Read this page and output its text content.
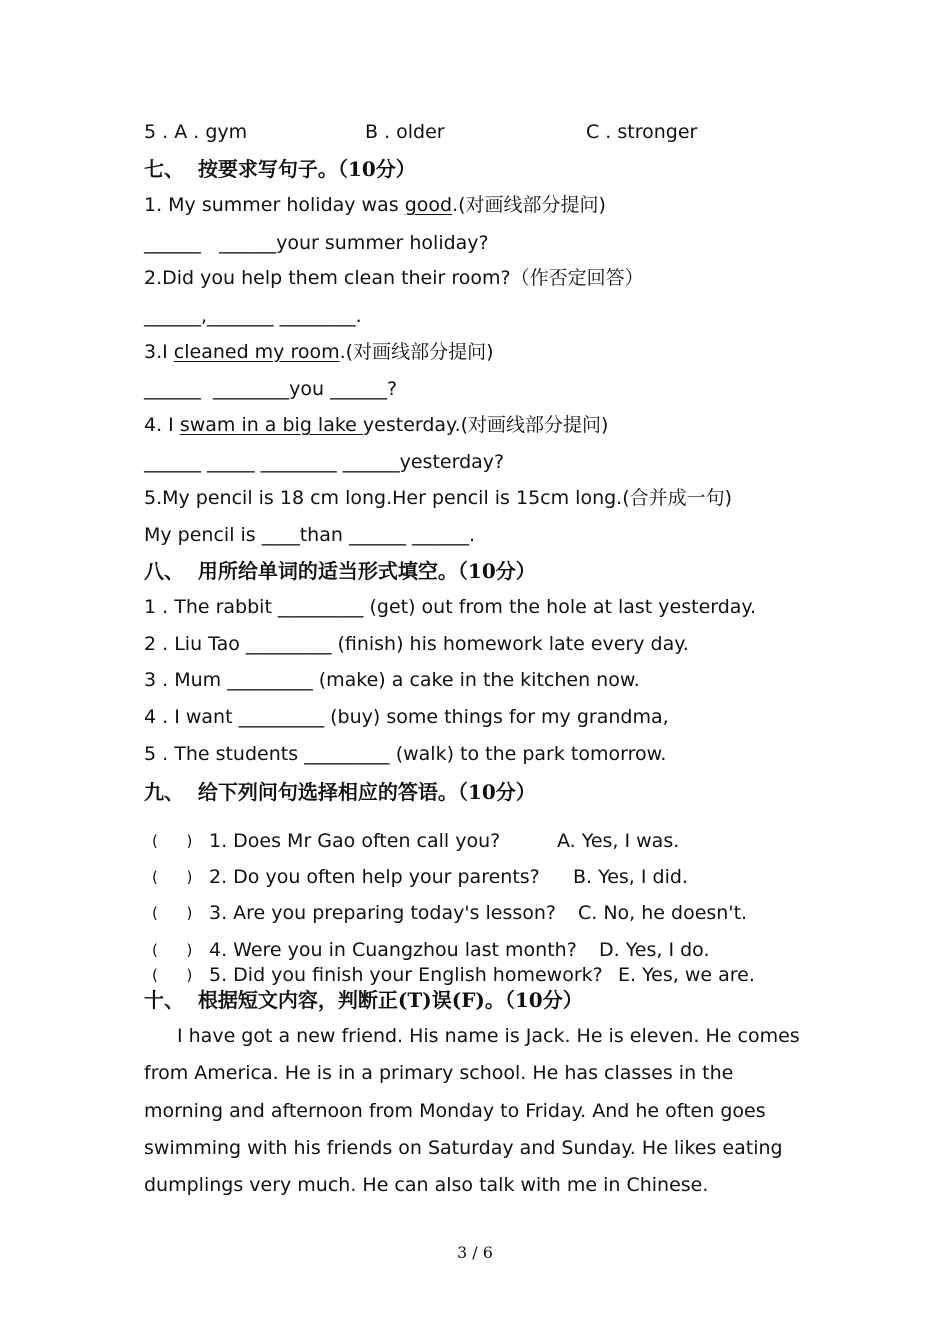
5 . A . gym	B . older	C . stronger
七、  按要求写句子。（10分）
1. My summer holiday was good.(对画线部分提问)
______   ______your summer holiday?
2.Did you help them clean their room?（作否定回答）
______,_______ ________.
3.I cleaned my room.(对画线部分提问)
______  ________you ______?
4. I swam in a big lake yesterday.(对画线部分提问)
______ _____ ________ ______yesterday?
5.My pencil is 18 cm long.Her pencil is 15cm long.(合并成一句)
My pencil is ____than ______ ______.
八、  用所给单词的适当形式填空。（10分）
1 . The rabbit _________ (get) out from the hole at last yesterday.
2 . Liu Tao _________ (finish) his homework late every day.
3 . Mum _________ (make) a cake in the kitchen now.
4 . I want _________ (buy) some things for my grandma,
5 . The students _________ (walk) to the park tomorrow.
九、  给下列问句选择相应的答语。（10分）
(      ) 1. Does Mr Gao often call you?	A. Yes, I was.
(      ) 2. Do you often help your parents? B. Yes, I did.
(      ) 3. Are you preparing today's lesson? C. No, he doesn't.
(      ) 4. Were you in Cuangzhou last month? D. Yes, I do.
(      ) 5. Did you finish your English homework? E. Yes, we are.
十、  根据短文内容，判断正(T)误(F)。（10分）
I have got a new friend. His name is Jack. He is eleven. He comes
from America. He is in a primary school. He has classes in the
morning and afternoon from Monday to Friday. And he often goes
swimming with his friends on Saturday and Sunday. He likes eating
dumplings very much. He can also talk with me in Chinese.
3 / 6
